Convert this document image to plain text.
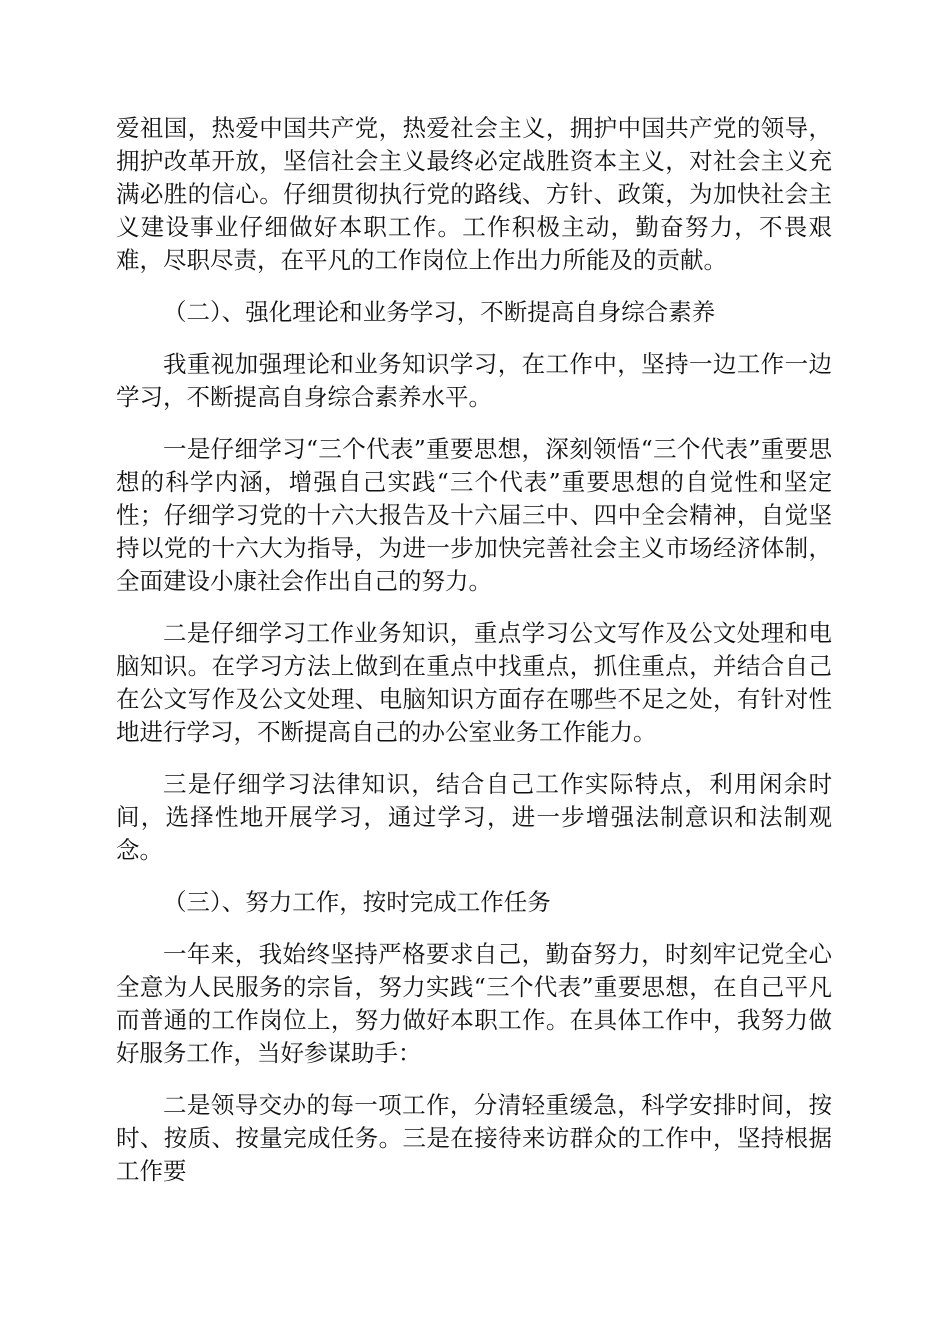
爱祖国，热爱中国共产党，热爱社会主义，拥护中国共产党的领导，拥护改革开放，坚信社会主义最终必定战胜资本主义，对社会主义充满必胜的信心。仔细贯彻执行党的路线、方针、政策，为加快社会主义建设事业仔细做好本职工作。工作积极主动，勤奋努力，不畏艰难，尽职尽责，在平凡的工作岗位上作出力所能及的贡献。

（二）、强化理论和业务学习，不断提高自身综合素养

我重视加强理论和业务知识学习，在工作中，坚持一边工作一边学习，不断提高自身综合素养水平。

一是仔细学习“三个代表”重要思想，深刻领悟“三个代表”重要思想的科学内涵，增强自己实践“三个代表”重要思想的自觉性和坚定性；仔细学习党的十六大报告及十六届三中、四中全会精神，自觉坚持以党的十六大为指导，为进一步加快完善社会主义市场经济体制，全面建设小康社会作出自己的努力。

二是仔细学习工作业务知识，重点学习公文写作及公文处理和电脑知识。在学习方法上做到在重点中找重点，抓住重点，并结合自己在公文写作及公文处理、电脑知识方面存在哪些不足之处，有针对性地进行学习，不断提高自己的办公室业务工作能力。

三是仔细学习法律知识，结合自己工作实际特点，利用闲余时间，选择性地开展学习，通过学习，进一步增强法制意识和法制观念。

（三）、努力工作，按时完成工作任务

一年来，我始终坚持严格要求自己，勤奋努力，时刻牢记党全心全意为人民服务的宗旨，努力实践“三个代表”重要思想，在自己平凡而普通的工作岗位上，努力做好本职工作。在具体工作中，我努力做好服务工作，当好参谋助手：

二是领导交办的每一项工作，分清轻重缓急，科学安排时间，按时、按质、按量完成任务。三是在接待来访群众的工作中，坚持根据工作要
